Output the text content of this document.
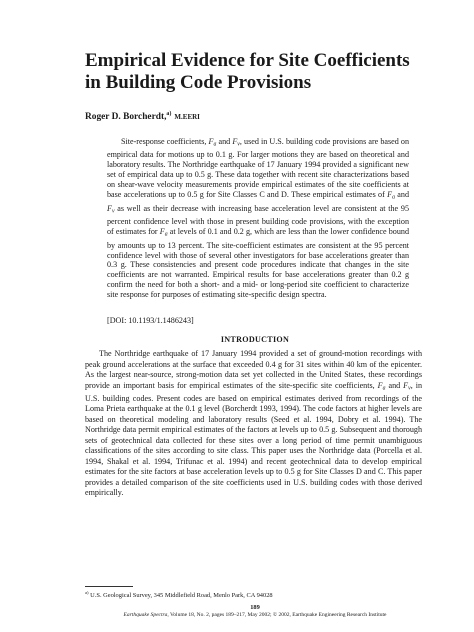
Empirical Evidence for Site Coefficients in Building Code Provisions
Roger D. Borcherdt,$^{a)}$ M.EERI

Site-response coefficients, $F_a$ and $F_v$, used in U.S. building code provisions are based on empirical data for motions up to 0.1 g. For larger motions they are based on theoretical and laboratory results. The Northridge earthquake of 17 January 1994 provided a significant new set of empirical data up to 0.5 g. These data together with recent site characterizations based on shear-wave velocity measurements provide empirical estimates of the site coefficients at base accelerations up to 0.5 g for Site Classes C and D. These empirical estimates of $F_a$ and $F_v$ as well as their decrease with increasing base acceleration level are consistent at the 95 percent confidence level with those in present building code provisions, with the exception of estimates for $F_a$ at levels of 0.1 and 0.2 g, which are less than the lower confidence bound by amounts up to 13 percent. The site-coefficient estimates are consistent at the 95 percent confidence level with those of several other investigators for base accelerations greater than 0.3 g. These consistencies and present code procedures indicate that changes in the site coefficients are not warranted. Empirical results for base accelerations greater than 0.2 g confirm the need for both a short- and a mid- or long-period site coefficient to characterize site response for purposes of estimating site-specific design spectra.

[DOI: 10.1193/1.1486243]
INTRODUCTION

The Northridge earthquake of 17 January 1994 provided a set of ground-motion recordings with peak ground accelerations at the surface that exceeded 0.4 g for 31 sites within 40 km of the epicenter. As the largest near-source, strong-motion data set yet collected in the United States, these recordings provide an important basis for empirical estimates of the site-specific site coefficients, $F_a$ and $F_v$, in U.S. building codes. Present codes are based on empirical estimates derived from recordings of the Loma Prieta earthquake at the 0.1 g level (Borcherdt 1993, 1994). The code factors at higher levels are based on theoretical modeling and laboratory results (Seed et al. 1994, Dobry et al. 1994). The Northridge data permit empirical estimates of the factors at levels up to 0.5 g. Subsequent and thorough sets of geotechnical data collected for these sites over a long period of time permit unambiguous classifications of the sites according to site class. This paper uses the Northridge data (Porcella et al. 1994, Shakal et al. 1994, Trifunac et al. 1994) and recent geotechnical data to develop empirical estimates for the site factors at base acceleration levels up to 0.5 g for Site Classes D and C. This paper provides a detailed comparison of the site coefficients used in U.S. building codes with those derived empirically.

$^{a)}$ U.S. Geological Survey, 345 Middlefield Road, Menlo Park, CA 94028
189
Earthquake Spectra, Volume 18, No. 2, pages 189–217, May 2002; © 2002, Earthquake Engineering Research Institute
